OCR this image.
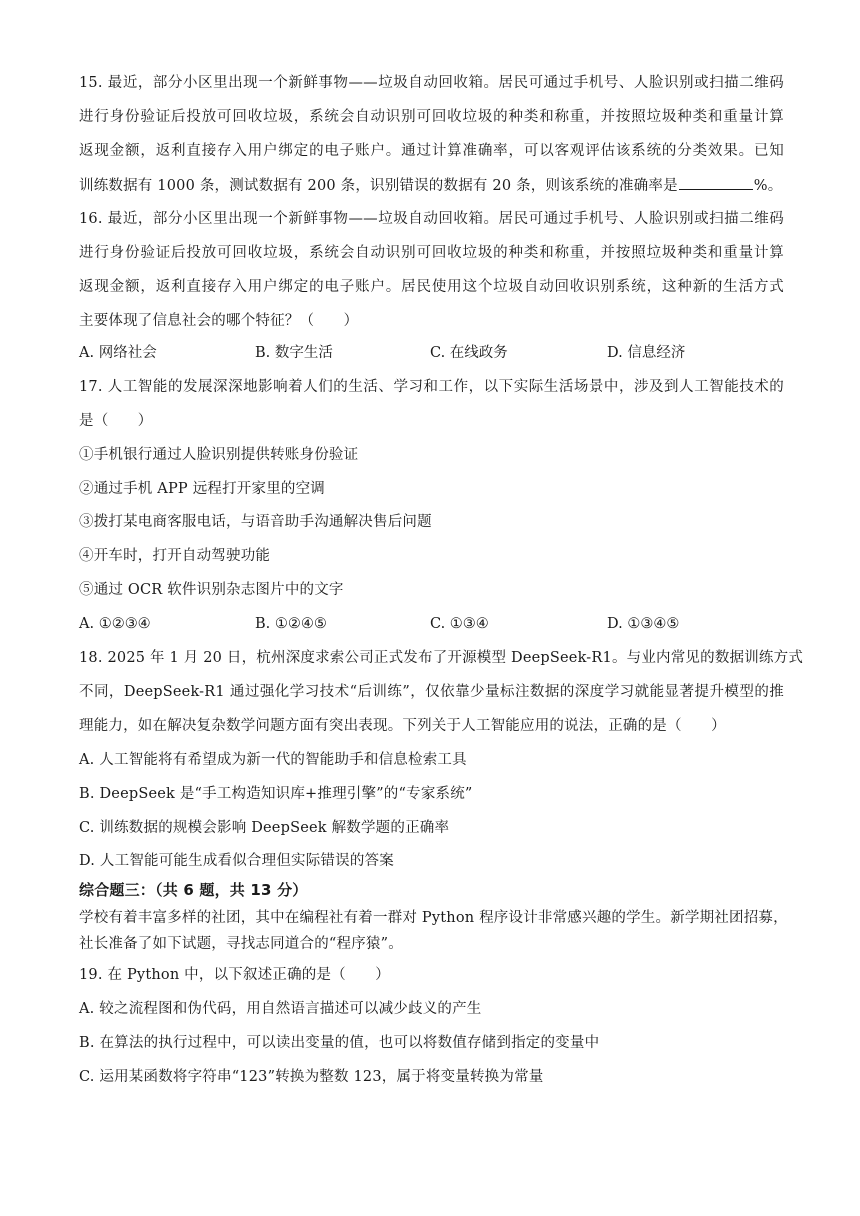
15. 最近，部分小区里出现一个新鲜事物——垃圾自动回收箱。居民可通过手机号、人脸识别或扫描二维码
进行身份验证后投放可回收垃圾，系统会自动识别可回收垃圾的种类和称重，并按照垃圾种类和重量计算
返现金额，返利直接存入用户绑定的电子账户。通过计算准确率，可以客观评估该系统的分类效果。已知
训练数据有 1000 条，测试数据有 200 条，识别错误的数据有 20 条，则该系统的准确率是	%。
16. 最近，部分小区里出现一个新鲜事物——垃圾自动回收箱。居民可通过手机号、人脸识别或扫描二维码
进行身份验证后投放可回收垃圾，系统会自动识别可回收垃圾的种类和称重，并按照垃圾种类和重量计算
返现金额，返利直接存入用户绑定的电子账户。居民使用这个垃圾自动回收识别系统，这种新的生活方式
主要体现了信息社会的哪个特征？（　　）
A. 网络社会	B. 数字生活	C. 在线政务	D. 信息经济
17. 人工智能的发展深深地影响着人们的生活、学习和工作，以下实际生活场景中，涉及到人工智能技术的
是（　　）
①手机银行通过人脸识别提供转账身份验证
②通过手机 APP 远程打开家里的空调
③拨打某电商客服电话，与语音助手沟通解决售后问题
④开车时，打开自动驾驶功能
⑤通过 OCR 软件识别杂志图片中的文字
A. ①②③④	B. ①②④⑤	C. ①③④	D. ①③④⑤
18. 2025 年 1 月 20 日，杭州深度求索公司正式发布了开源模型 DeepSeek-R1。与业内常见的数据训练方式
不同，DeepSeek-R1 通过强化学习技术“后训练”，仅依靠少量标注数据的深度学习就能显著提升模型的推
理能力，如在解决复杂数学问题方面有突出表现。下列关于人工智能应用的说法，正确的是（　　）
A. 人工智能将有希望成为新一代的智能助手和信息检索工具
B. DeepSeek 是“手工构造知识库+推理引擎”的“专家系统”
C. 训练数据的规模会影响 DeepSeek 解数学题的正确率
D. 人工智能可能生成看似合理但实际错误的答案
综合题三：（共 6 题，共 13 分）
学校有着丰富多样的社团，其中在编程社有着一群对 Python 程序设计非常感兴趣的学生。新学期社团招募，
社长准备了如下试题，寻找志同道合的“程序猿”。
19. 在 Python 中，以下叙述正确的是（　　）
A. 较之流程图和伪代码，用自然语言描述可以减少歧义的产生
B. 在算法的执行过程中，可以读出变量的值，也可以将数值存储到指定的变量中
C. 运用某函数将字符串“123”转换为整数 123，属于将变量转换为常量
